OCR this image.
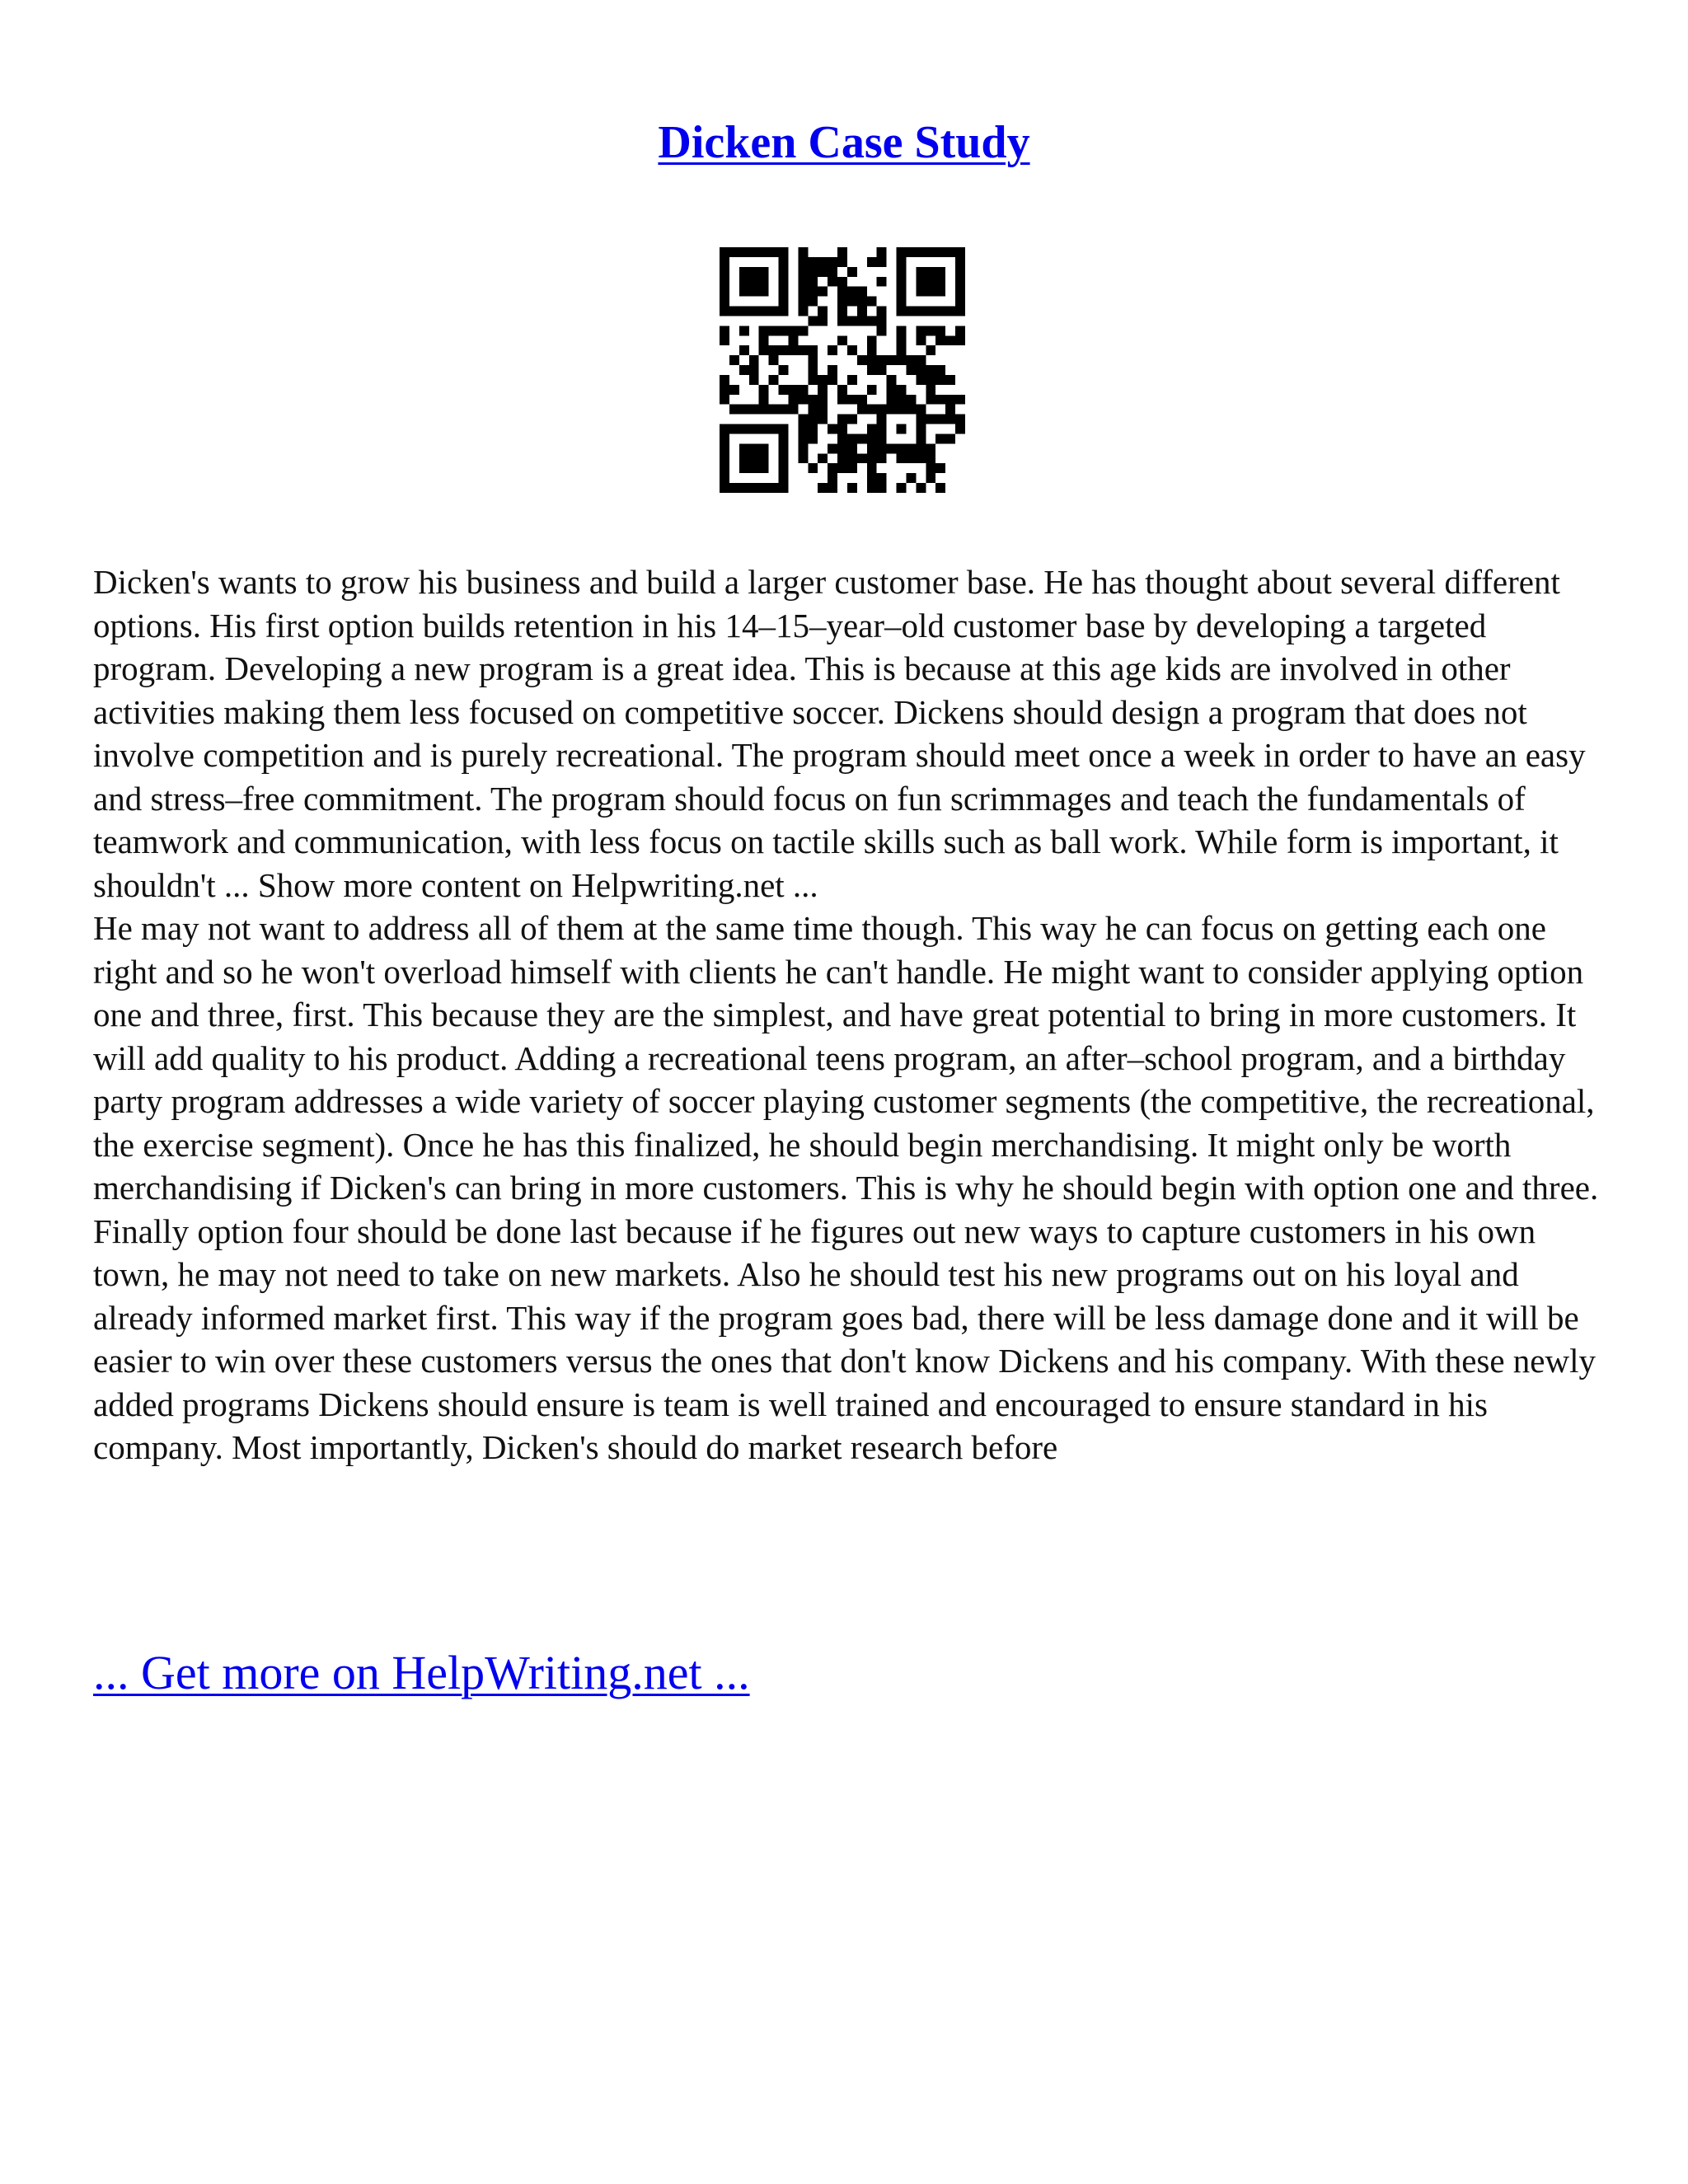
Dicken Case Study

Dicken's wants to grow his business and build a larger customer base. He has thought about several different options. His first option builds retention in his 14–15–year–old customer base by developing a targeted program. Developing a new program is a great idea. This is because at this age kids are involved in other activities making them less focused on competitive soccer. Dickens should design a program that does not involve competition and is purely recreational. The program should meet once a week in order to have an easy and stress–free commitment. The program should focus on fun scrimmages and teach the fundamentals of teamwork and communication, with less focus on tactile skills such as ball work. While form is important, it shouldn't ... Show more content on Helpwriting.net ...

He may not want to address all of them at the same time though. This way he can focus on getting each one right and so he won't overload himself with clients he can't handle. He might want to consider applying option one and three, first. This because they are the simplest, and have great potential to bring in more customers. It will add quality to his product. Adding a recreational teens program, an after–school program, and a birthday party program addresses a wide variety of soccer playing customer segments (the competitive, the recreational, the exercise segment). Once he has this finalized, he should begin merchandising. It might only be worth merchandising if Dicken's can bring in more customers. This is why he should begin with option one and three. Finally option four should be done last because if he figures out new ways to capture customers in his own town, he may not need to take on new markets. Also he should test his new programs out on his loyal and already informed market first. This way if the program goes bad, there will be less damage done and it will be easier to win over these customers versus the ones that don't know Dickens and his company. With these newly added programs Dickens should ensure is team is well trained and encouraged to ensure standard in his company. Most importantly, Dicken's should do market research before

... Get more on HelpWriting.net ...
